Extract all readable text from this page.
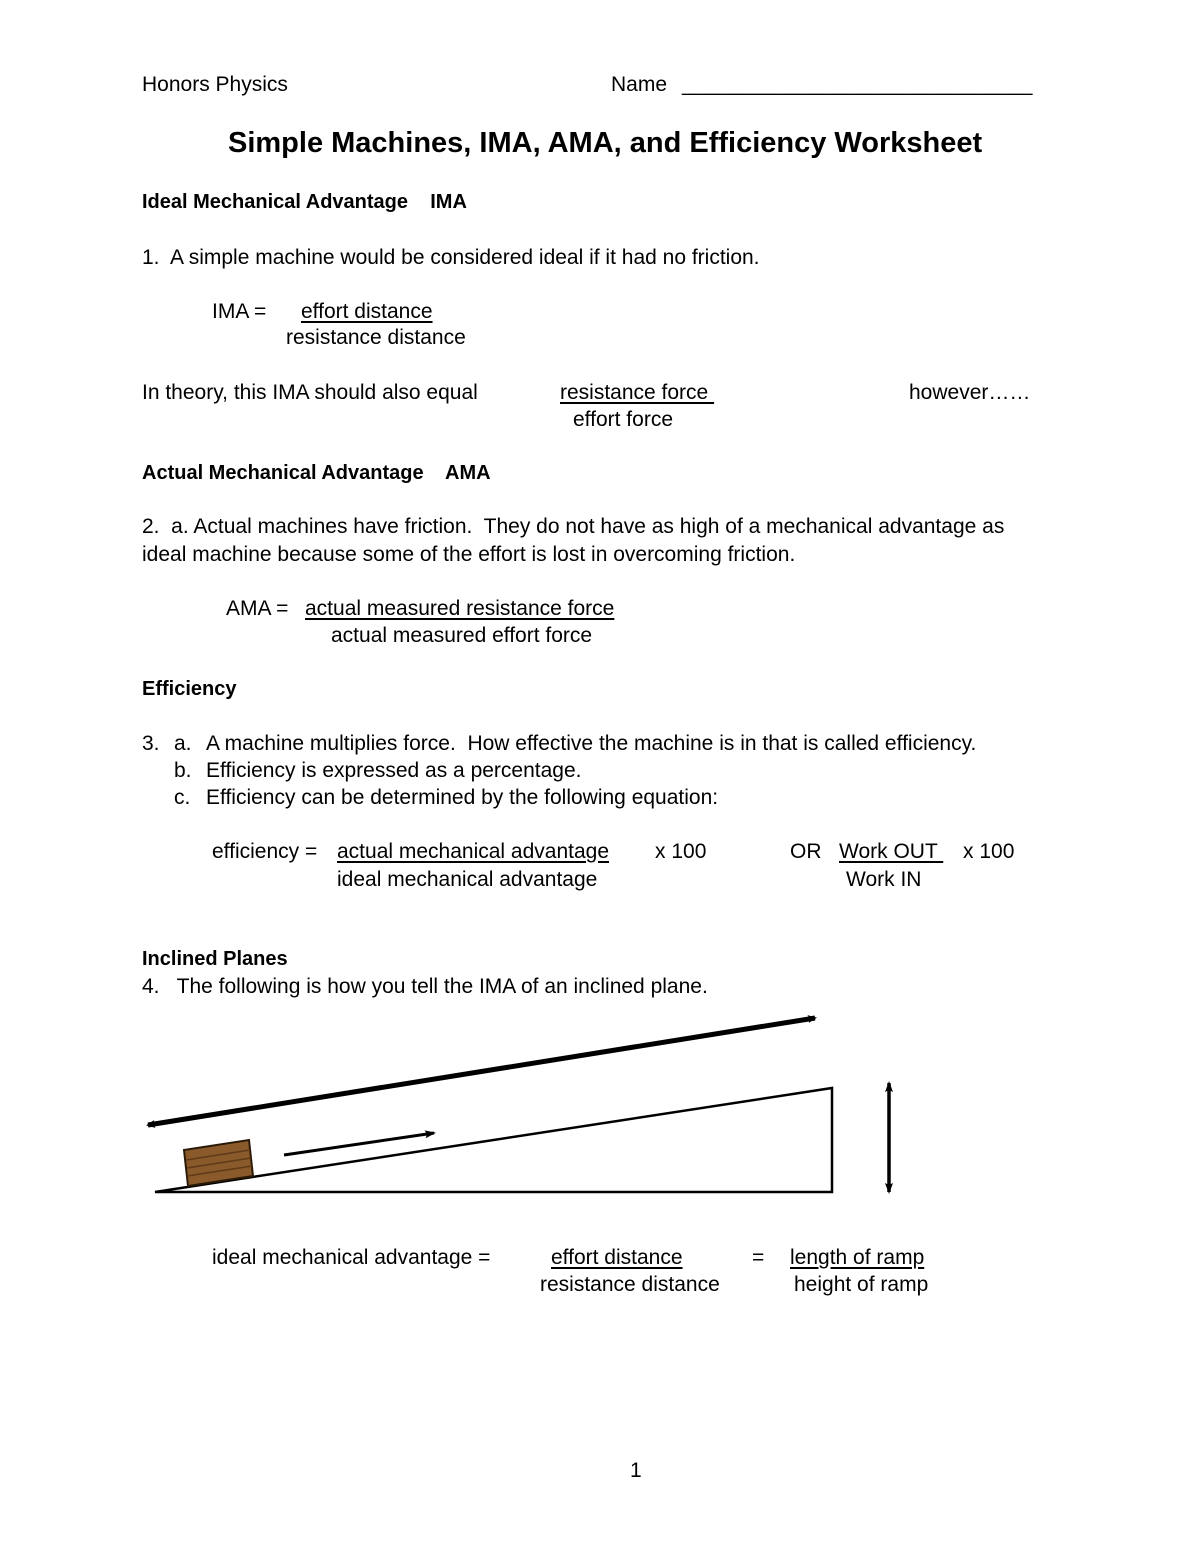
Honors Physics	Name ______________________________
Simple Machines, IMA, AMA, and Efficiency Worksheet
Ideal Mechanical Advantage    IMA
1.  A simple machine would be considered ideal if it had no friction.
IMA = effort distance
resistance distance
In theory, this IMA should also equal	resistance force
effort force
however……
Actual Mechanical Advantage    AMA
2.  a. Actual machines have friction.  They do not have as high of a mechanical advantage as
ideal machine because some of the effort is lost in overcoming friction.
AMA = actual measured resistance force
actual measured effort force
Efficiency
3. a. A machine multiplies force.  How effective the machine is in that is called efficiency.
b. Efficiency is expressed as a percentage.
c. Efficiency can be determined by the following equation:
efficiency = actual mechanical advantage x 100
ideal mechanical advantage
OR Work OUT x 100
Work IN
Inclined Planes
4.   The following is how you tell the IMA of an inclined plane.
ideal mechanical advantage =	effort distance
resistance distance
= length of ramp
height of ramp
1
